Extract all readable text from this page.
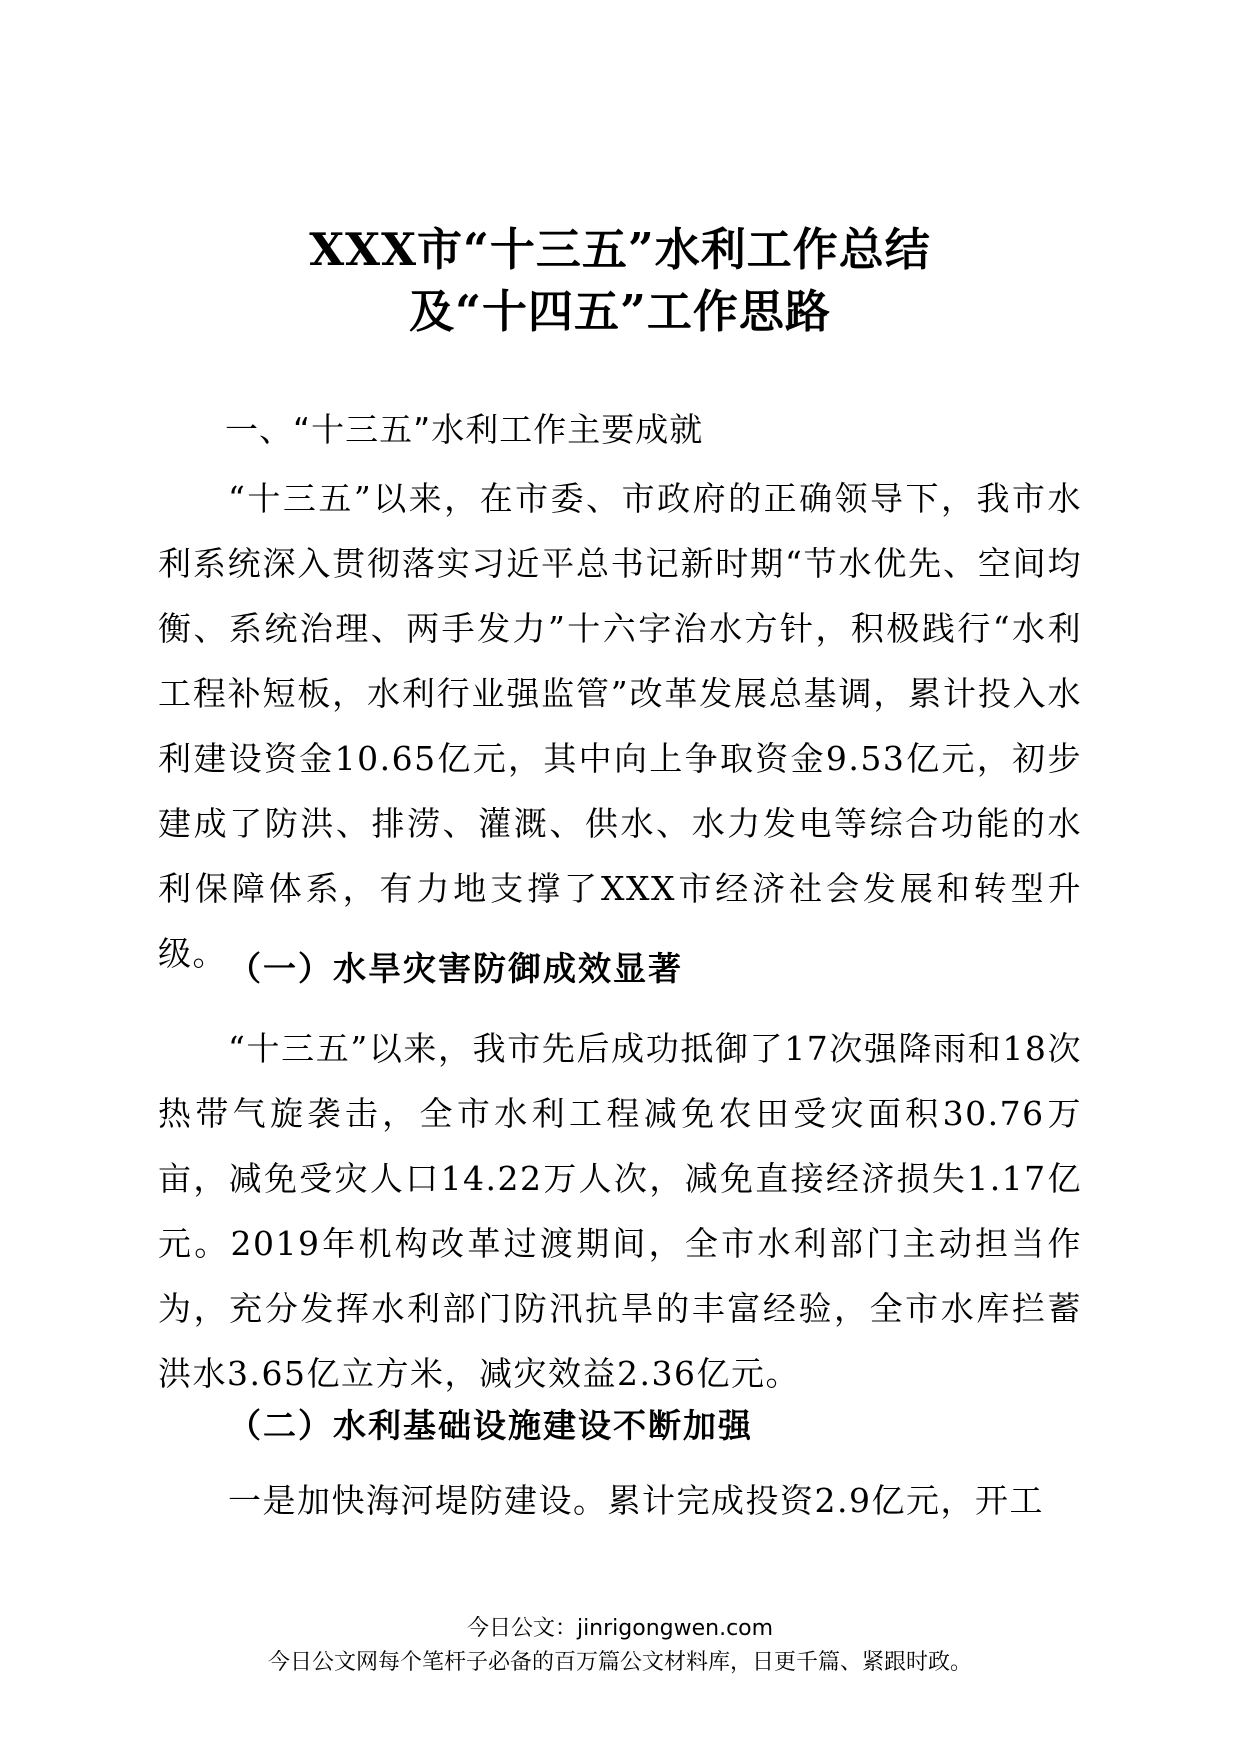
XXX市“十三五”水利工作总结
及“十四五”工作思路
一、“十三五”水利工作主要成就
“十三五”以来，在市委、市政府的正确领导下，我市水利系统深入贯彻落实习近平总书记新时期“节水优先、空间均衡、系统治理、两手发力”十六字治水方针，积极践行“水利工程补短板，水利行业强监管”改革发展总基调，累计投入水利建设资金10.65亿元，其中向上争取资金9.53亿元，初步建成了防洪、排涝、灌溉、供水、水力发电等综合功能的水利保障体系，有力地支撑了XXX市经济社会发展和转型升级。 （一）水旱灾害防御成效显著
“十三五”以来，我市先后成功抵御了17次强降雨和18次热带气旋袭击，全市水利工程减免农田受灾面积30.76万亩，减免受灾人口14.22万人次，减免直接经济损失1.17亿元。2019年机构改革过渡期间，全市水利部门主动担当作为，充分发挥水利部门防汛抗旱的丰富经验，全市水库拦蓄洪水3.65亿立方米，减灾效益2.36亿元。
（二）水利基础设施建设不断加强
一是加快海河堤防建设。累计完成投资2.9亿元，开工
今日公文：jinrigongwen.com
今日公文网每个笔杆子必备的百万篇公文材料库，日更千篇、紧跟时政。
